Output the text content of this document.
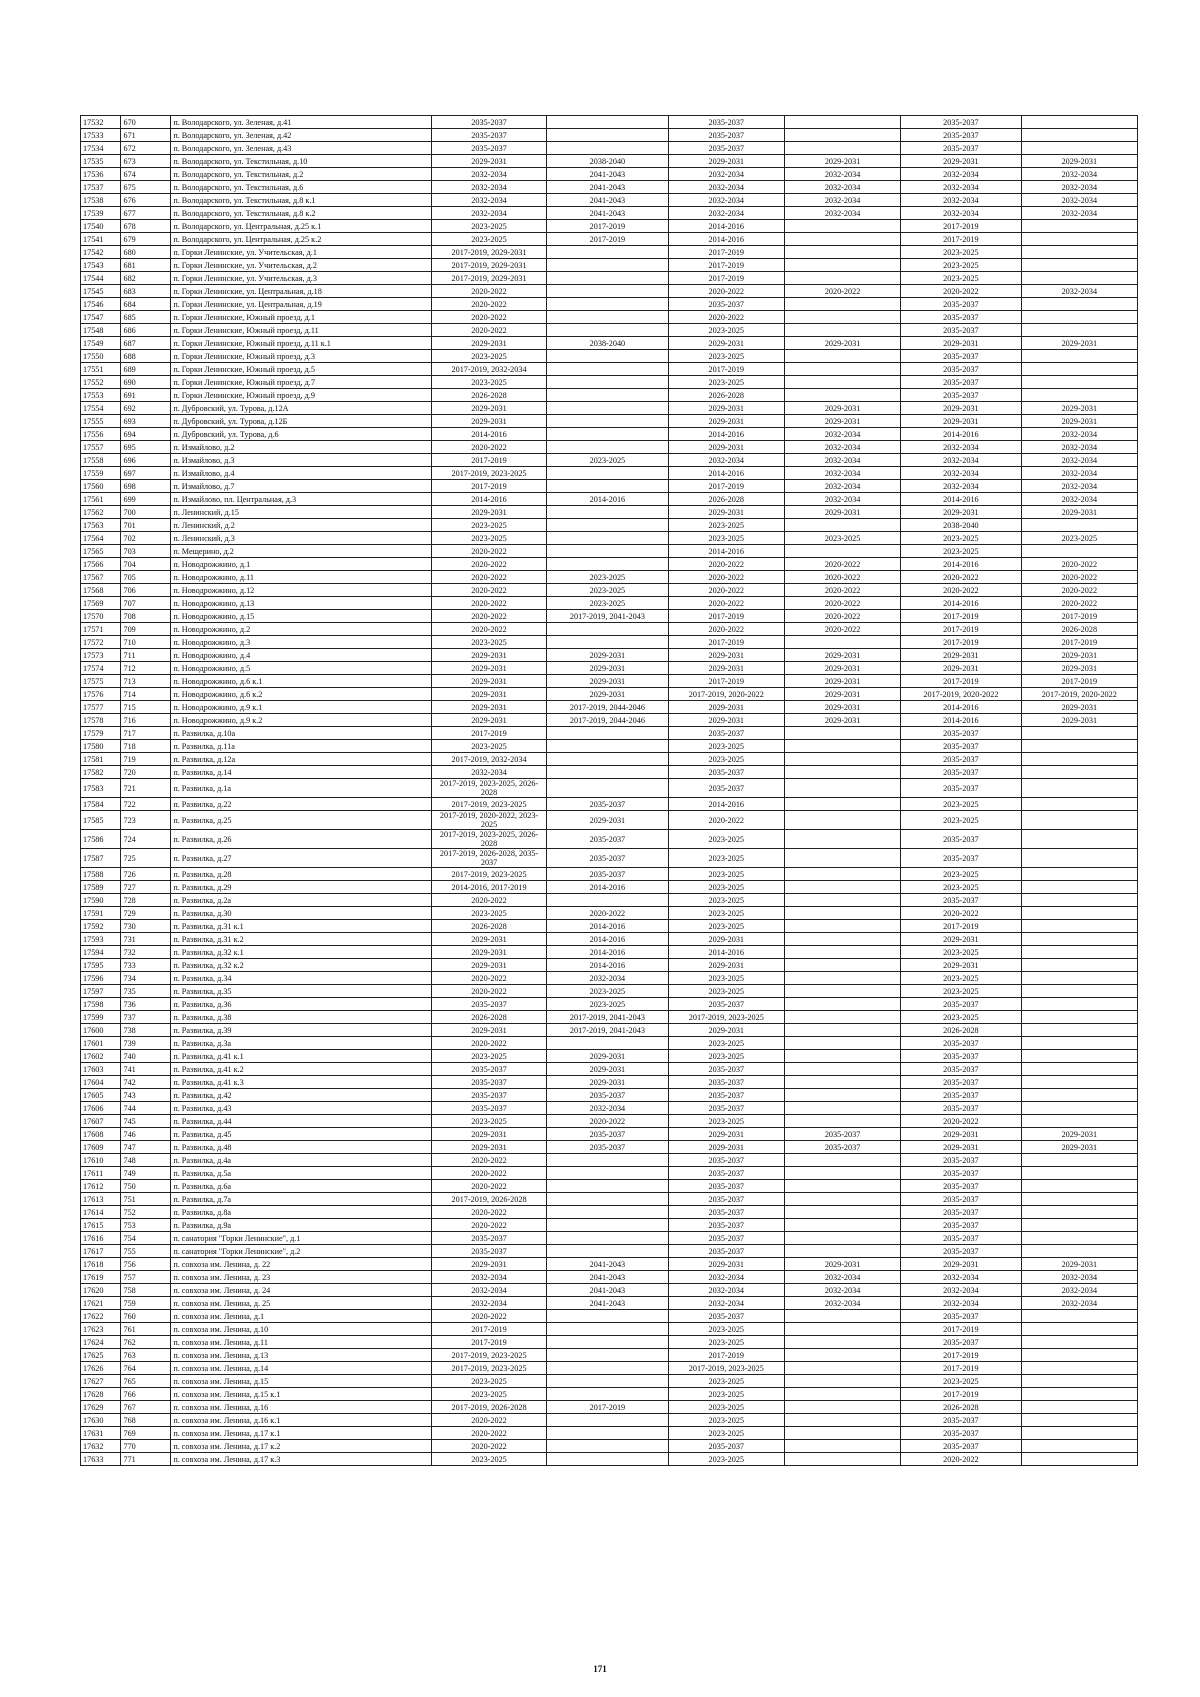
17532	670	п. Володарского, ул. Зеленая, д.41	2035-2037		2035-2037		2035-2037	
17533	671	п. Володарского, ул. Зеленая, д.42	2035-2037		2035-2037		2035-2037	
17534	672	п. Володарского, ул. Зеленая, д.43	2035-2037		2035-2037		2035-2037	
17535	673	п. Володарского, ул. Текстильная, д.10	2029-2031	2038-2040	2029-2031	2029-2031	2029-2031	2029-2031
17536	674	п. Володарского, ул. Текстильная, д.2	2032-2034	2041-2043	2032-2034	2032-2034	2032-2034	2032-2034
17537	675	п. Володарского, ул. Текстильная, д.6	2032-2034	2041-2043	2032-2034	2032-2034	2032-2034	2032-2034
17538	676	п. Володарского, ул. Текстильная, д.8 к.1	2032-2034	2041-2043	2032-2034	2032-2034	2032-2034	2032-2034
17539	677	п. Володарского, ул. Текстильная, д.8 к.2	2032-2034	2041-2043	2032-2034	2032-2034	2032-2034	2032-2034
17540	678	п. Володарского, ул. Центральная, д.25 к.1	2023-2025	2017-2019	2014-2016		2017-2019	
17541	679	п. Володарского, ул. Центральная, д.25 к.2	2023-2025	2017-2019	2014-2016		2017-2019	
17542	680	п. Горки Ленинские, ул. Учительская, д.1	2017-2019, 2029-2031		2017-2019		2023-2025	
17543	681	п. Горки Ленинские, ул. Учительская, д.2	2017-2019, 2029-2031		2017-2019		2023-2025	
17544	682	п. Горки Ленинские, ул. Учительская, д.3	2017-2019, 2029-2031		2017-2019		2023-2025	
17545	683	п. Горки Ленинские, ул. Центральная, д.18	2020-2022		2020-2022	2020-2022	2020-2022	2032-2034
17546	684	п. Горки Ленинские, ул. Центральная, д.19	2020-2022		2035-2037		2035-2037	
17547	685	п. Горки Ленинские, Южный проезд, д.1	2020-2022		2020-2022		2035-2037	
17548	686	п. Горки Ленинские, Южный проезд, д.11	2020-2022		2023-2025		2035-2037	
17549	687	п. Горки Ленинские, Южный проезд, д.11 к.1	2029-2031	2038-2040	2029-2031	2029-2031	2029-2031	2029-2031
17550	688	п. Горки Ленинские, Южный проезд, д.3	2023-2025		2023-2025		2035-2037	
17551	689	п. Горки Ленинские, Южный проезд, д.5	2017-2019, 2032-2034		2017-2019		2035-2037	
17552	690	п. Горки Ленинские, Южный проезд, д.7	2023-2025		2023-2025		2035-2037	
17553	691	п. Горки Ленинские, Южный проезд, д.9	2026-2028		2026-2028		2035-2037	
17554	692	п. Дубровский, ул. Турова, д.12А	2029-2031		2029-2031	2029-2031	2029-2031	2029-2031
17555	693	п. Дубровский, ул. Турова, д.12Б	2029-2031		2029-2031	2029-2031	2029-2031	2029-2031
17556	694	п. Дубровский, ул. Турова, д.6	2014-2016		2014-2016	2032-2034	2014-2016	2032-2034
17557	695	п. Измайлово, д.2	2020-2022		2029-2031	2032-2034	2032-2034	2032-2034
17558	696	п. Измайлово, д.3	2017-2019	2023-2025	2032-2034	2032-2034	2032-2034	2032-2034
17559	697	п. Измайлово, д.4	2017-2019, 2023-2025		2014-2016	2032-2034	2032-2034	2032-2034
17560	698	п. Измайлово, д.7	2017-2019		2017-2019	2032-2034	2032-2034	2032-2034
17561	699	п. Измайлово, пл. Центральная, д.3	2014-2016	2014-2016	2026-2028	2032-2034	2014-2016	2032-2034
17562	700	п. Ленинский, д.15	2029-2031		2029-2031	2029-2031	2029-2031	2029-2031
17563	701	п. Ленинский, д.2	2023-2025		2023-2025		2038-2040	
17564	702	п. Ленинский, д.3	2023-2025		2023-2025	2023-2025	2023-2025	2023-2025
17565	703	п. Мещерино, д.2	2020-2022		2014-2016		2023-2025	
17566	704	п. Новодрожжино, д.1	2020-2022		2020-2022	2020-2022	2014-2016	2020-2022
17567	705	п. Новодрожжино, д.11	2020-2022	2023-2025	2020-2022	2020-2022	2020-2022	2020-2022
17568	706	п. Новодрожжино, д.12	2020-2022	2023-2025	2020-2022	2020-2022	2020-2022	2020-2022
17569	707	п. Новодрожжино, д.13	2020-2022	2023-2025	2020-2022	2020-2022	2014-2016	2020-2022
17570	708	п. Новодрожжино, д.15	2020-2022	2017-2019, 2041-2043	2017-2019	2020-2022	2017-2019	2017-2019
17571	709	п. Новодрожжино, д.2	2020-2022		2020-2022	2020-2022	2017-2019	2026-2028
17572	710	п. Новодрожжино, д.3	2023-2025		2017-2019		2017-2019	2017-2019
17573	711	п. Новодрожжино, д.4	2029-2031	2029-2031	2029-2031	2029-2031	2029-2031	2029-2031
17574	712	п. Новодрожжино, д.5	2029-2031	2029-2031	2029-2031	2029-2031	2029-2031	2029-2031
17575	713	п. Новодрожжино, д.6 к.1	2029-2031	2029-2031	2017-2019	2029-2031	2017-2019	2017-2019
17576	714	п. Новодрожжино, д.6 к.2	2029-2031	2029-2031	2017-2019, 2020-2022	2029-2031	2017-2019, 2020-2022	2017-2019, 2020-2022
17577	715	п. Новодрожжино, д.9 к.1	2029-2031	2017-2019, 2044-2046	2029-2031	2029-2031	2014-2016	2029-2031
17578	716	п. Новодрожжино, д.9 к.2	2029-2031	2017-2019, 2044-2046	2029-2031	2029-2031	2014-2016	2029-2031
17579	717	п. Развилка, д.10а	2017-2019		2035-2037		2035-2037	
17580	718	п. Развилка, д.11а	2023-2025		2023-2025		2035-2037	
17581	719	п. Развилка, д.12а	2017-2019, 2032-2034		2023-2025		2035-2037	
17582	720	п. Развилка, д.14	2032-2034		2035-2037		2035-2037	
17583	721	п. Развилка, д.1а	2017-2019, 2023-2025, 2026-2028		2035-2037		2035-2037	
17584	722	п. Развилка, д.22	2017-2019, 2023-2025	2035-2037	2014-2016		2023-2025	
17585	723	п. Развилка, д.25	2017-2019, 2020-2022, 2023-2025	2029-2031	2020-2022		2023-2025	
17586	724	п. Развилка, д.26	2017-2019, 2023-2025, 2026-2028	2035-2037	2023-2025		2035-2037	
17587	725	п. Развилка, д.27	2017-2019, 2026-2028, 2035-2037	2035-2037	2023-2025		2035-2037	
17588	726	п. Развилка, д.28	2017-2019, 2023-2025	2035-2037	2023-2025		2023-2025	
17589	727	п. Развилка, д.29	2014-2016, 2017-2019	2014-2016	2023-2025		2023-2025	
17590	728	п. Развилка, д.2а	2020-2022		2023-2025		2035-2037	
17591	729	п. Развилка, д.30	2023-2025	2020-2022	2023-2025		2020-2022	
17592	730	п. Развилка, д.31 к.1	2026-2028	2014-2016	2023-2025		2017-2019	
17593	731	п. Развилка, д.31 к.2	2029-2031	2014-2016	2029-2031		2029-2031	
17594	732	п. Развилка, д.32 к.1	2029-2031	2014-2016	2014-2016		2023-2025	
17595	733	п. Развилка, д.32 к.2	2029-2031	2014-2016	2029-2031		2029-2031	
17596	734	п. Развилка, д.34	2020-2022	2032-2034	2023-2025		2023-2025	
17597	735	п. Развилка, д.35	2020-2022	2023-2025	2023-2025		2023-2025	
17598	736	п. Развилка, д.36	2035-2037	2023-2025	2035-2037		2035-2037	
17599	737	п. Развилка, д.38	2026-2028	2017-2019, 2041-2043	2017-2019, 2023-2025		2023-2025	
17600	738	п. Развилка, д.39	2029-2031	2017-2019, 2041-2043	2029-2031		2026-2028	
17601	739	п. Развилка, д.3а	2020-2022		2023-2025		2035-2037	
17602	740	п. Развилка, д.41 к.1	2023-2025	2029-2031	2023-2025		2035-2037	
17603	741	п. Развилка, д.41 к.2	2035-2037	2029-2031	2035-2037		2035-2037	
17604	742	п. Развилка, д.41 к.3	2035-2037	2029-2031	2035-2037		2035-2037	
17605	743	п. Развилка, д.42	2035-2037	2035-2037	2035-2037		2035-2037	
17606	744	п. Развилка, д.43	2035-2037	2032-2034	2035-2037		2035-2037	
17607	745	п. Развилка, д.44	2023-2025	2020-2022	2023-2025		2020-2022	
17608	746	п. Развилка, д.45	2029-2031	2035-2037	2029-2031	2035-2037	2029-2031	2029-2031
17609	747	п. Развилка, д.48	2029-2031	2035-2037	2029-2031	2035-2037	2029-2031	2029-2031
17610	748	п. Развилка, д.4а	2020-2022		2035-2037		2035-2037	
17611	749	п. Развилка, д.5а	2020-2022		2035-2037		2035-2037	
17612	750	п. Развилка, д.6а	2020-2022		2035-2037		2035-2037	
17613	751	п. Развилка, д.7а	2017-2019, 2026-2028		2035-2037		2035-2037	
17614	752	п. Развилка, д.8а	2020-2022		2035-2037		2035-2037	
17615	753	п. Развилка, д.9а	2020-2022		2035-2037		2035-2037	
17616	754	п. санатория "Горки Ленинские", д.1	2035-2037		2035-2037		2035-2037	
17617	755	п. санатория "Горки Ленинские", д.2	2035-2037		2035-2037		2035-2037	
17618	756	п. совхоза им. Ленина, д. 22	2029-2031	2041-2043	2029-2031	2029-2031	2029-2031	2029-2031
17619	757	п. совхоза им. Ленина, д. 23	2032-2034	2041-2043	2032-2034	2032-2034	2032-2034	2032-2034
17620	758	п. совхоза им. Ленина, д. 24	2032-2034	2041-2043	2032-2034	2032-2034	2032-2034	2032-2034
17621	759	п. совхоза им. Ленина, д. 25	2032-2034	2041-2043	2032-2034	2032-2034	2032-2034	2032-2034
17622	760	п. совхоза им. Ленина, д.1	2020-2022		2035-2037		2035-2037	
17623	761	п. совхоза им. Ленина, д.10	2017-2019		2023-2025		2017-2019	
17624	762	п. совхоза им. Ленина, д.11	2017-2019		2023-2025		2035-2037	
17625	763	п. совхоза им. Ленина, д.13	2017-2019, 2023-2025		2017-2019		2017-2019	
17626	764	п. совхоза им. Ленина, д.14	2017-2019, 2023-2025		2017-2019, 2023-2025		2017-2019	
17627	765	п. совхоза им. Ленина, д.15	2023-2025		2023-2025		2023-2025	
17628	766	п. совхоза им. Ленина, д.15 к.1	2023-2025		2023-2025		2017-2019	
17629	767	п. совхоза им. Ленина, д.16	2017-2019, 2026-2028	2017-2019	2023-2025		2026-2028	
17630	768	п. совхоза им. Ленина, д.16 к.1	2020-2022		2023-2025		2035-2037	
17631	769	п. совхоза им. Ленина, д.17 к.1	2020-2022		2023-2025		2035-2037	
17632	770	п. совхоза им. Ленина, д.17 к.2	2020-2022		2035-2037		2035-2037	
17633	771	п. совхоза им. Ленина, д.17 к.3	2023-2025		2023-2025		2020-2022	
171
